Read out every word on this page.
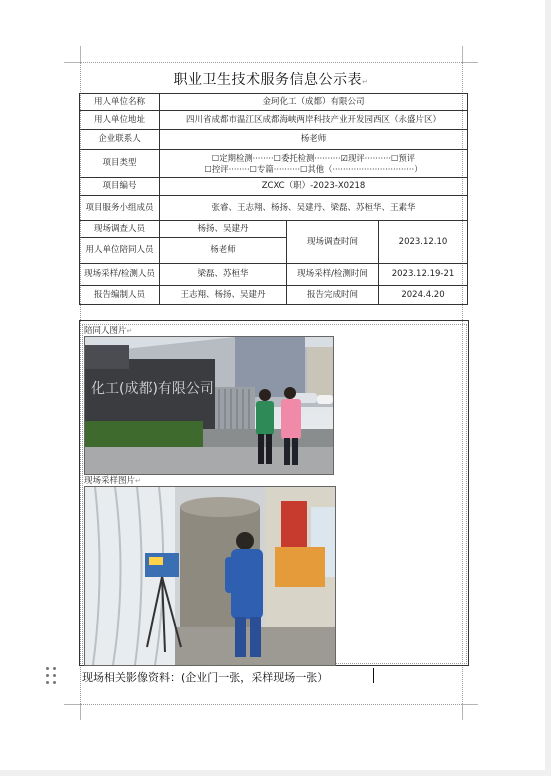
职业卫生技术服务信息公示表↵
用人单位名称	金珂化工（成都）有限公司		
用人单位地址	四川省成都市温江区成都海峡两岸科技产业开发园西区（永盛片区）		
企业联系人	杨老师		
项目类型	☐定期检测········☐委托检测··········☑现评··········☐预评
☐控评········☐专篇··········☐其他（·······························）		

项目编号	ZCXC（职）-2023-X0218		
项目服务小组成员	张睿、王志翔、杨扬、吴建丹、梁磊、苏桓华、王素华		
现场调查人员	杨扬、吴建丹	现场调查时间	2023.12.10
用人单位陪同人员	杨老师		
现场采样/检测人员	梁磊、苏桓华	现场采样/检测时间	2023.12.19-21
报告编制人员	王志翔、杨扬、吴建丹	报告完成时间	2024.4.20
陪同人图片↵
化工(成都)有限公司
现场采样图片↵
现场相关影像资料：(企业门一张，采样现场一张）
